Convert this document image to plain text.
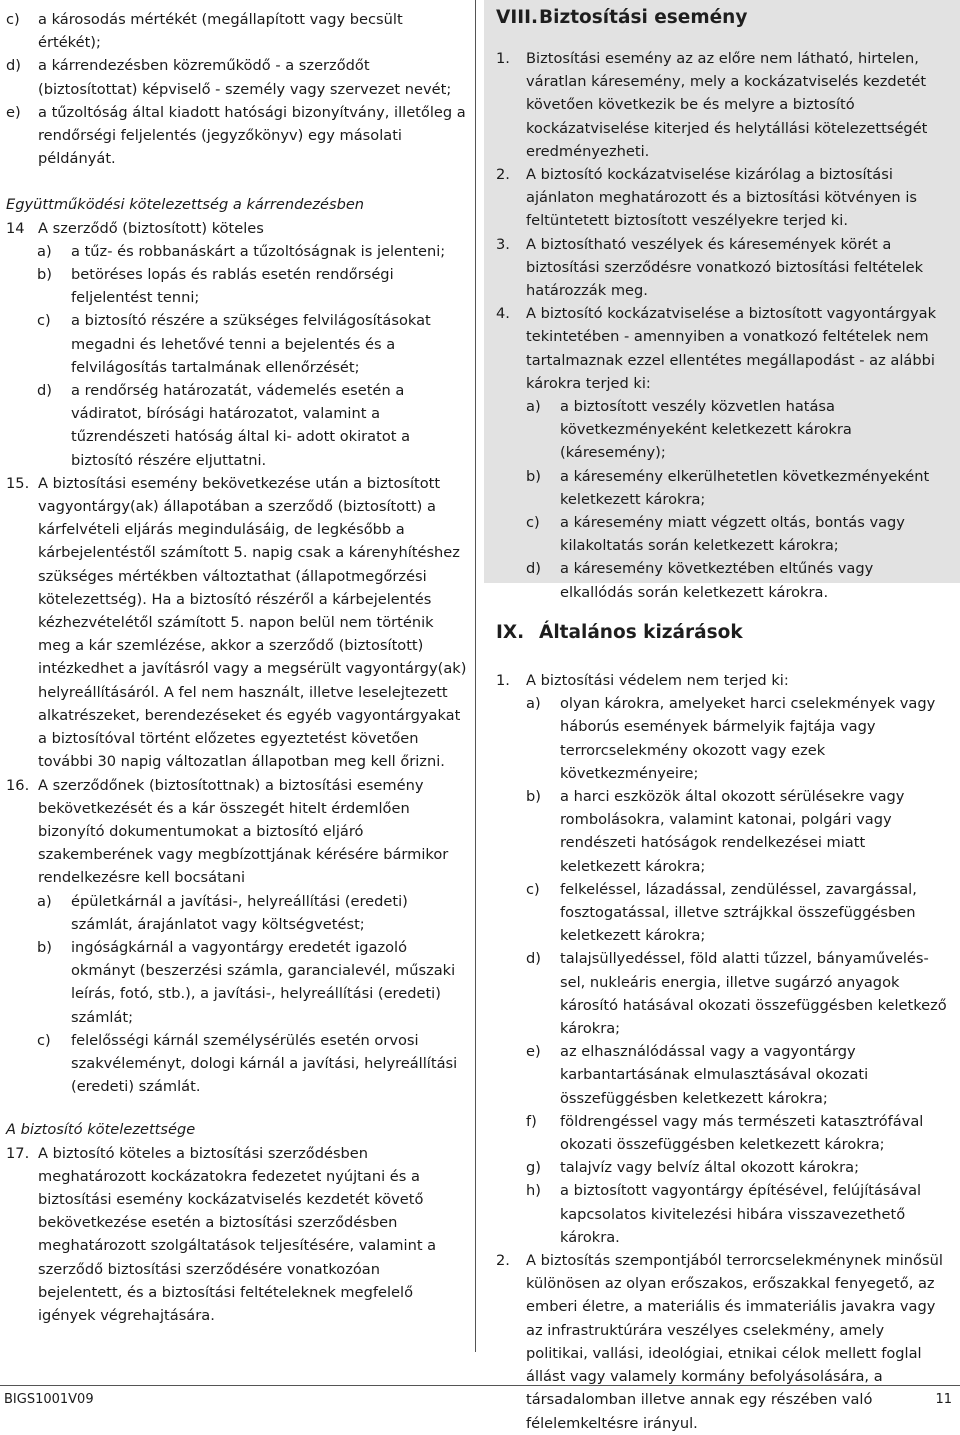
c)	a károsodás mértékét (megállapított vagy becsült értékét);
d)	a kárrendezésben közreműködő - a szerződőt (biztosítottat) képviselő - személy vagy szervezet nevét;
e)	a tűzoltóság által kiadott hatósági bizonyítvány, illetőleg a rendőrségi feljelentés (jegyzőkönyv) egy másolati példányát.
Együttműködési kötelezettség a kárrendezésben
14 A szerződő (biztosított) köteles
a)	a tűz- és robbanáskárt a tűzoltóságnak is jelenteni;
b)	betöréses lopás és rablás esetén rendőrségi feljelentést tenni;
c)	a biztosító részére a szükséges felvilágosításokat megadni és lehetővé tenni a bejelentés és a felvilágosítás tartalmának ellenőrzését;
d)	a rendőrség határozatát, vádemelés esetén a vádiratot, bírósági határozatot, valamint a tűzrendészeti hatóság által ki- adott okiratot a biztosító részére eljuttatni.
15. A biztosítási esemény bekövetkezése után a biztosított vagyontárgy(ak) állapotában a szerződő (biztosított) a kárfelvételi eljárás megindulásáig, de legkésőbb a kárbejelentéstől számított 5. napig csak a kárenyhítéshez szükséges mértékben változtathat (állapotmegőrzési kötelezettség). Ha a biztosító részéről a kárbejelentés kézhezvételétől számított 5. napon belül nem történik meg a kár szemlézése, akkor a szerződő (biztosított) intézkedhet a javításról vagy a megsérült vagyontárgy(ak) helyreállításáról. A fel nem használt, illetve leselejtezett alkatrészeket, berendezéseket és egyéb vagyontárgyakat a biztosítóval történt előzetes egyeztetést követően további 30 napig változatlan állapotban meg kell őrizni.
16. A szerződőnek (biztosítottnak) a biztosítási esemény bekövetkezését és a kár összegét hitelt érdemlően bizonyító dokumentumokat a biztosító eljáró szakemberének vagy megbízottjának kérésére bármikor rendelkezésre kell bocsátani
a)	épületkárnál a javítási-, helyreállítási (eredeti) számlát, árajánlatot vagy költségvetést;
b)	ingóságkárnál a vagyontárgy eredetét igazoló okmányt (beszerzési számla, garancialevél, műszaki leírás, fotó, stb.), a javítási-, helyreállítási (eredeti) számlát;
c)	felelősségi kárnál személysérülés esetén orvosi szakvéleményt, dologi kárnál a javítási, helyreállítási (eredeti) számlát.
A biztosító kötelezettsége
17. A biztosító köteles a biztosítási szerződésben meghatározott kockázatokra fedezetet nyújtani és a biztosítási esemény kockázatviselés kezdetét követő bekövetkezése esetén a biztosítási szerződésben meghatározott szolgáltatások teljesítésére, valamint a szerződő biztosítási szerződésére vonatkozóan bejelentett, és a biztosítási feltételeknek megfelelő igények végrehajtására.
VIII.Biztosítási esemény
1.	Biztosítási esemény az az előre nem látható, hirtelen, váratlan káresemény, mely a kockázatviselés kezdetét követően következik be és melyre a biztosító kockázatviselése kiterjed és helytállási kötelezettségét eredményezheti.
2.	A biztosító kockázatviselése kizárólag a biztosítási ajánlaton meghatározott és a biztosítási kötvényen is feltüntetett biztosított veszélyekre terjed ki.
3.	A biztosítható veszélyek és káresemények körét a biztosítási szerződésre vonatkozó biztosítási feltételek határozzák meg.
4.	A biztosító kockázatviselése a biztosított vagyontárgyak tekintetében - amennyiben a vonatkozó feltételek nem tartalmaznak ezzel ellentétes megállapodást - az alábbi károkra terjed ki:
a)	a biztosított veszély közvetlen hatása következményeként keletkezett károkra (káresemény);
b)	a káresemény elkerülhetetlen következményeként keletkezett károkra;
c)	a káresemény miatt végzett oltás, bontás vagy kilakoltatás során keletkezett károkra;
d)	a káresemény következtében eltűnés vagy elkallódás során keletkezett károkra.
IX. Általános kizárások
1.	A biztosítási védelem nem terjed ki:
a)	olyan károkra, amelyeket harci cselekmények vagy háborús események bármelyik fajtája vagy terrorcselekmény okozott vagy ezek következményeire;
b)	a harci eszközök által okozott sérülésekre vagy rombolásokra, valamint katonai, polgári vagy rendészeti hatóságok rendelkezései miatt keletkezett károkra;
c)	felkeléssel, lázadással, zendüléssel, zavargással, fosztogatással, illetve sztrájkkal összefüggésben keletkezett károkra;
d)	talajsüllyedéssel, föld alatti tűzzel, bányaműveléssel, nukleáris energia, illetve sugárzó anyagok károsító hatásával okozati összefüggésben keletkező károkra;
e)	az elhasználódással vagy a vagyontárgy karbantartásának elmulasztásával okozati összefüggésben keletkezett károkra;
f)	földrengéssel vagy más természeti katasztrófával okozati összefüggésben keletkezett károkra;
g)	talajvíz vagy belvíz által okozott károkra;
h)	a biztosított vagyontárgy építésével, felújításával kapcsolatos kivitelezési hibára visszavezethető károkra.
2.	A biztosítás szempontjából terrorcselekménynek minősül különösen az olyan erőszakos, erőszakkal fenyegető, az emberi életre, a materiális és immateriális javakra vagy az infrastruktúrára veszélyes cselekmény, amely politikai, vallási, ideológiai, etnikai célok mellett foglal állást vagy valamely kormány befolyásolására, a társadalomban illetve annak egy részében való félelemkeltésre irányul.
BIGS1001V09	11
